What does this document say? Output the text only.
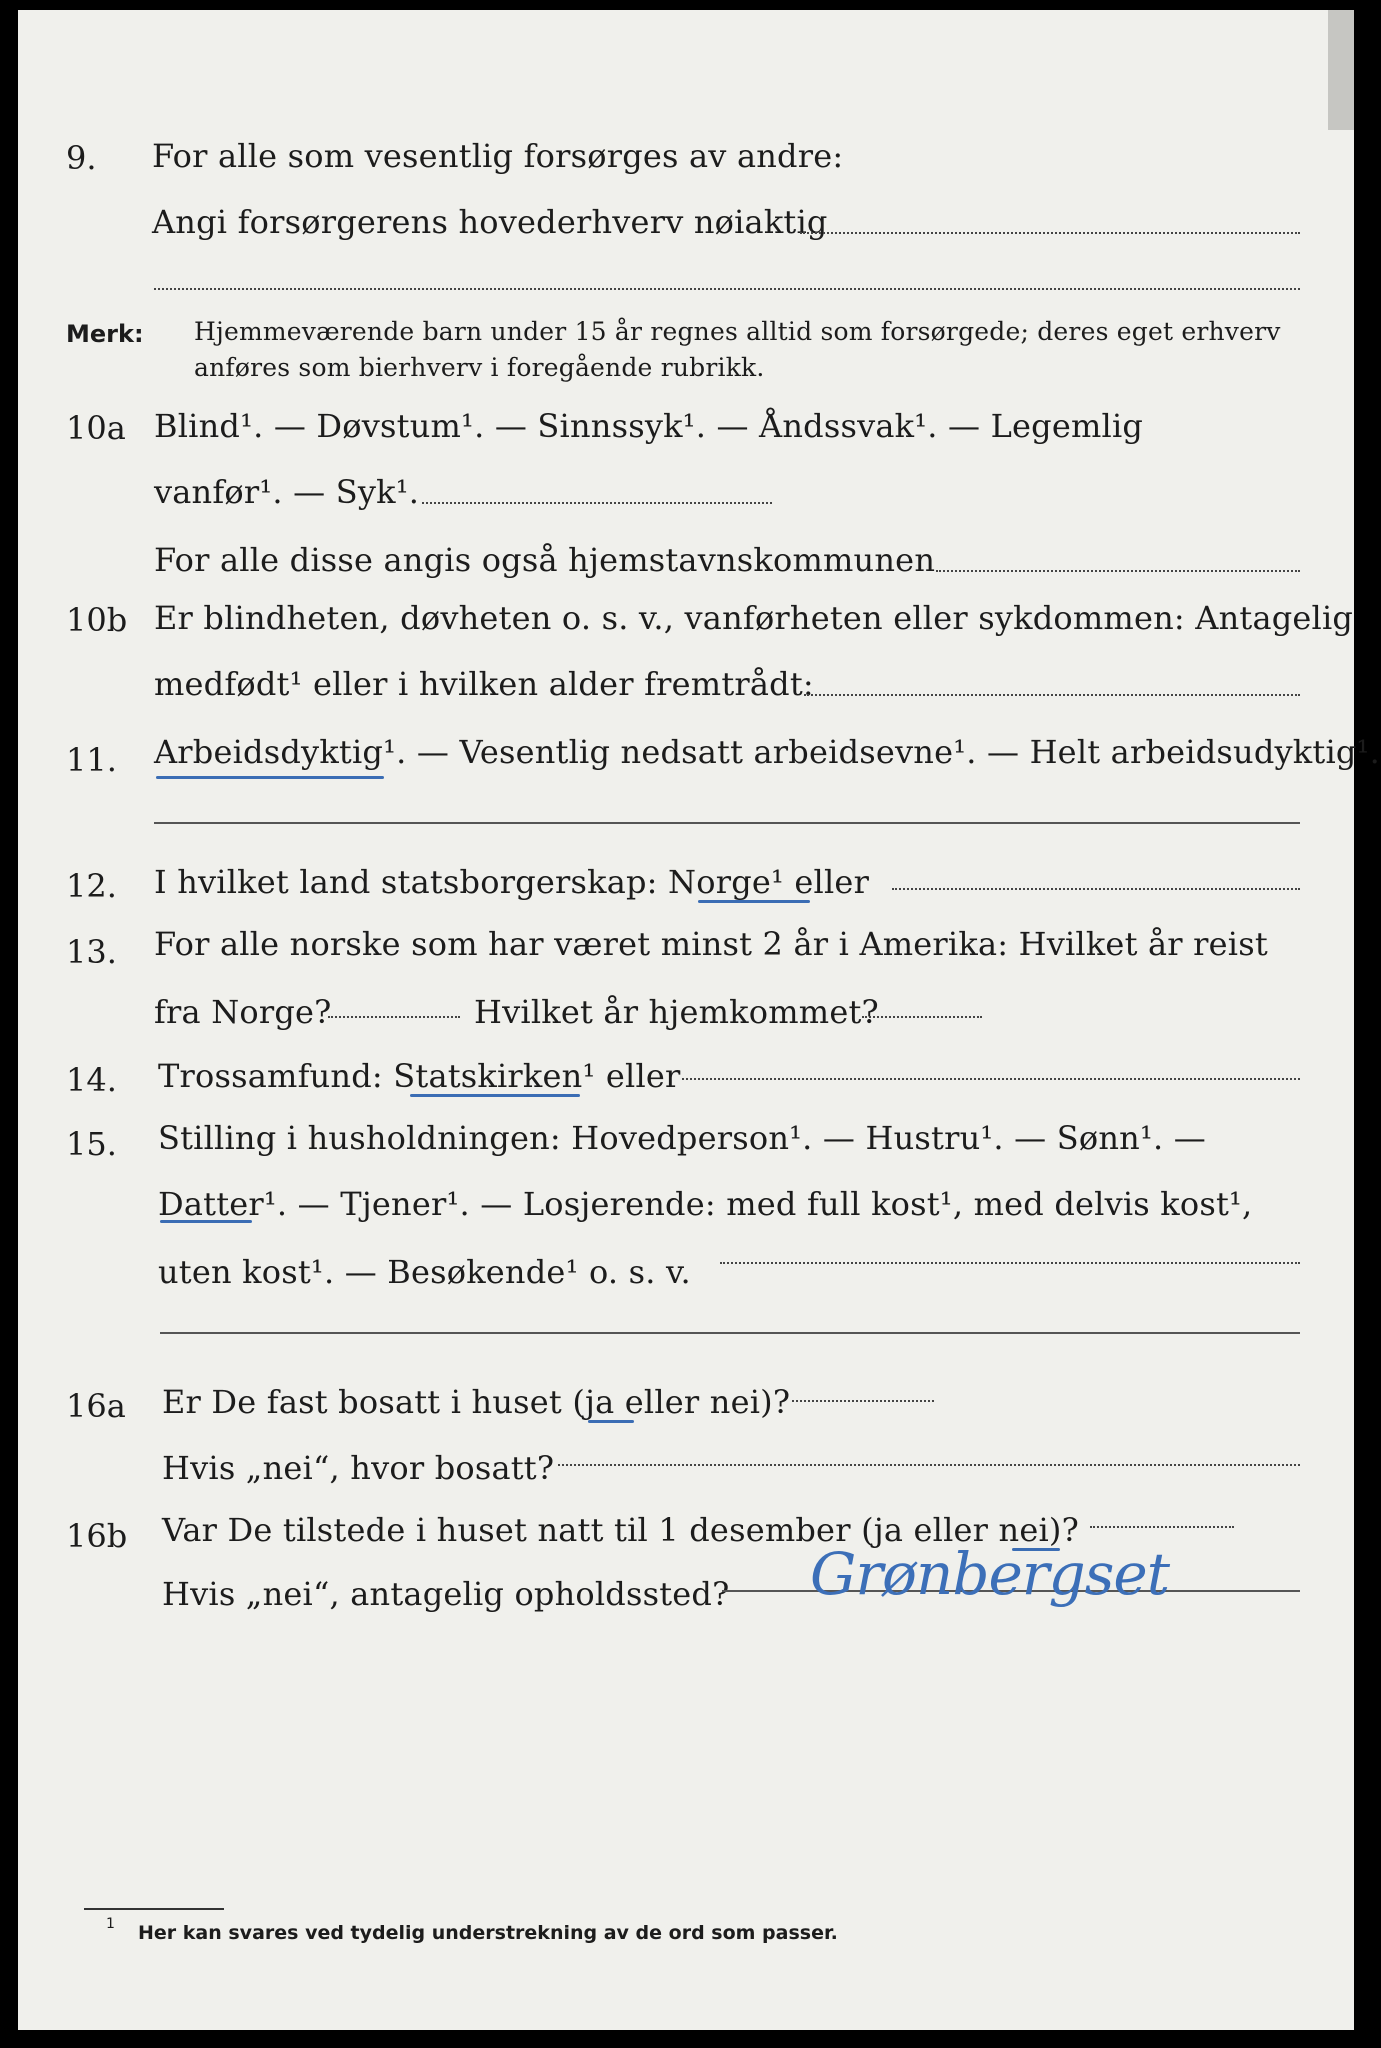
9. For alle som vesentlig forsørges av andre:
Angi forsørgerens hovederhverv nøiaktig
Merk: Hjemmeværende barn under 15 år regnes alltid som forsørgede; deres eget erhverv
anføres som bierhverv i foregående rubrikk.
10a Blind¹. — Døvstum¹. — Sinnssyk¹. — Åndssvak¹. — Legemlig
vanfør¹. — Syk¹.
For alle disse angis også hjemstavnskommunen
10b Er blindheten, døvheten o. s. v., vanførheten eller sykdommen: Antagelig
medfødt¹ eller i hvilken alder fremtrådt:
11. Arbeidsdyktig¹. — Vesentlig nedsatt arbeidsevne¹. — Helt arbeidsudyktig¹.
12. I hvilket land statsborgerskap: Norge¹ eller
13. For alle norske som har været minst 2 år i Amerika: Hvilket år reist
fra Norge?	Hvilket år hjemkommet?
14. Trossamfund: Statskirken¹ eller
15. Stilling i husholdningen: Hovedperson¹. — Hustru¹. — Sønn¹. —
Datter¹. — Tjener¹. — Losjerende: med full kost¹, med delvis kost¹,
uten kost¹. — Besøkende¹ o. s. v.
16a Er De fast bosatt i huset (ja eller nei)?
Hvis „nei“, hvor bosatt?
16b Var De tilstede i huset natt til 1 desember (ja eller nei)?
Hvis „nei“, antagelig opholdssted? Grønbergset
1 Her kan svares ved tydelig understrekning av de ord som passer.
